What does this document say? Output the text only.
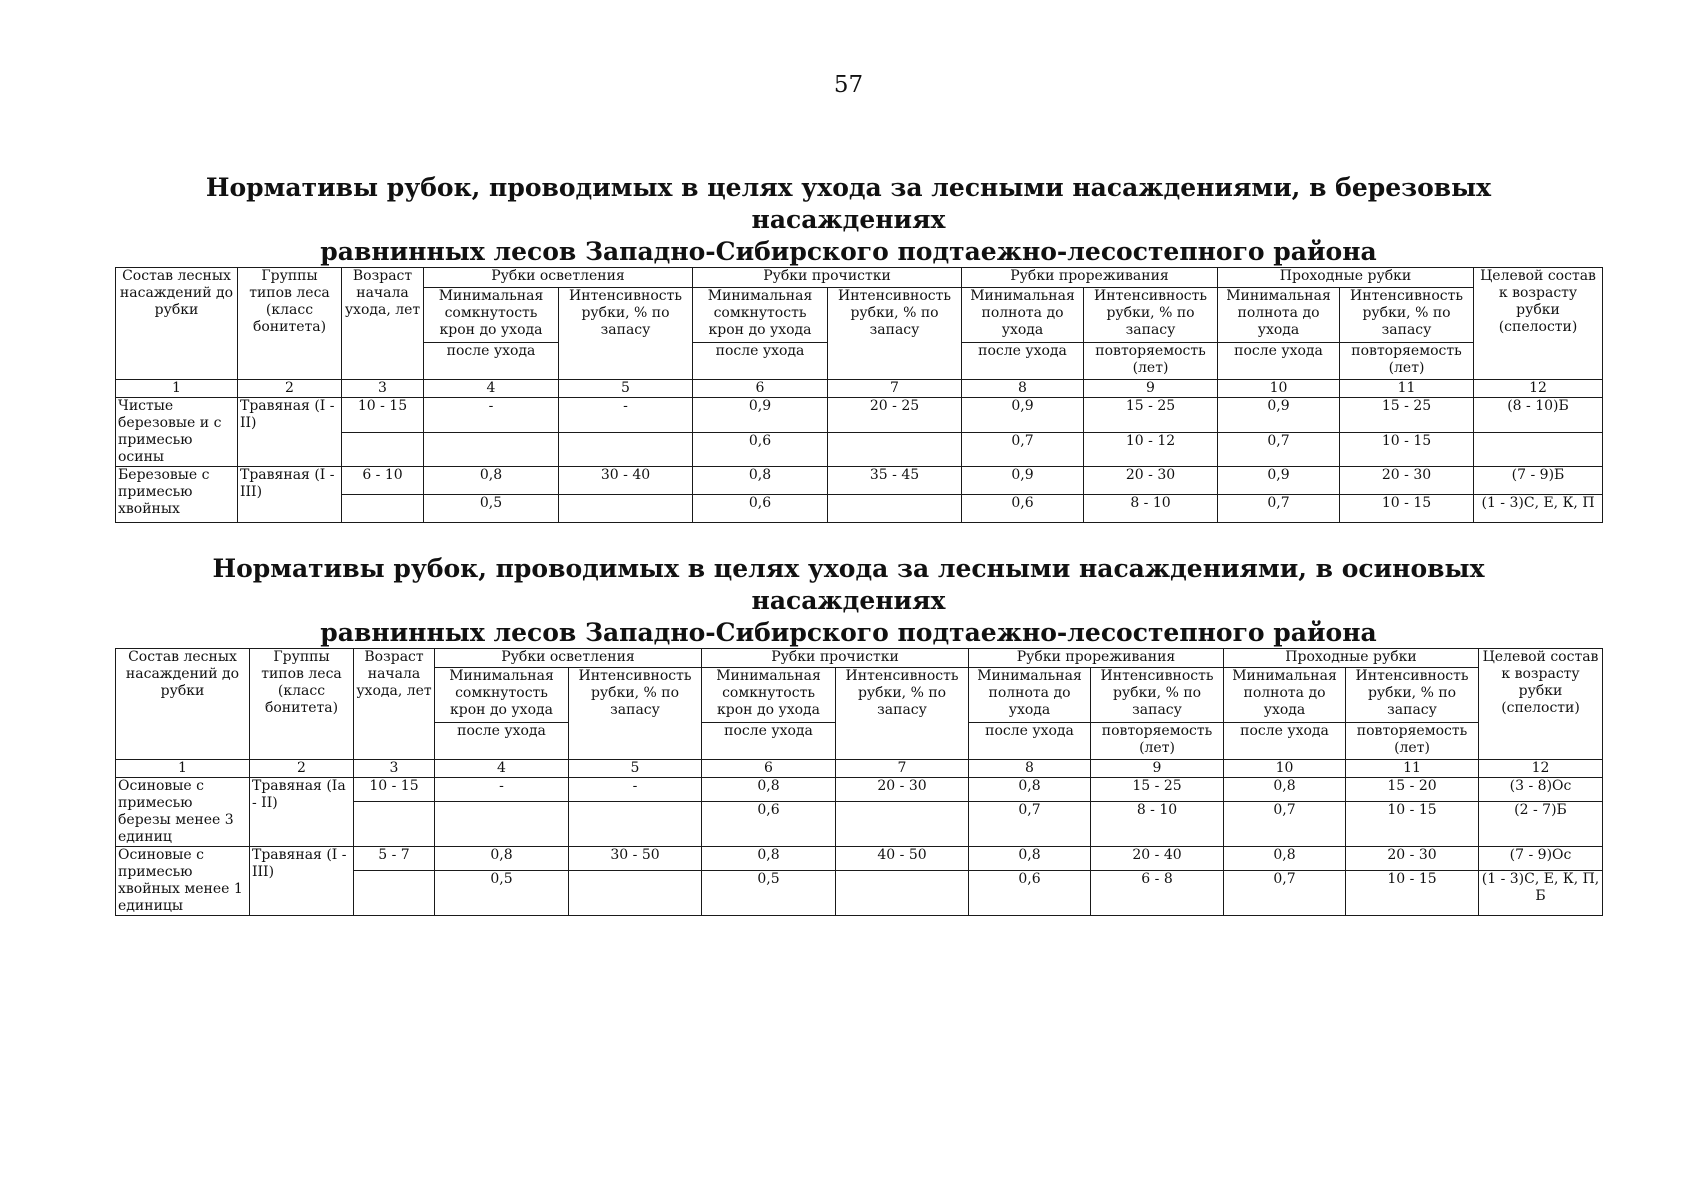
57
Нормативы рубок, проводимых в целях ухода за лесными насаждениями, в березовых насаждениях
равнинных лесов Западно-Сибирского подтаежно-лесостепного района
Состав лесных насаждений до рубки	Группы типов леса (класс бонитета)	Возраст начала ухода, лет	Рубки осветления		Рубки прочистки		Рубки прореживания		Проходные рубки		Целевой состав к возрасту рубки (спелости)
			Минимальная сомкнутость крон до ухода	Интенсивность рубки, % по запасу	Минимальная сомкнутость крон до ухода	Интенсивность рубки, % по запасу	Минимальная полнота до ухода	Интенсивность рубки, % по запасу	Минимальная полнота до ухода	Интенсивность рубки, % по запасу	
			после ухода		после ухода		после ухода	повторяемость (лет)	после ухода	повторяемость (лет)	
1	2	3	4	5	6	7	8	9	10	11	12
Чистые березовые и с примесью осины	Травяная (I - II)	10 - 15	-	-	0,9	20 - 25	0,9	15 - 25	0,9	15 - 25	(8 - 10)Б
					0,6		0,7	10 - 12	0,7	10 - 15	
Березовые с примесью хвойных	Травяная (I - III)	6 - 10	0,8	30 - 40	0,8	35 - 45	0,9	20 - 30	0,9	20 - 30	(7 - 9)Б
			0,5		0,6		0,6	8 - 10	0,7	10 - 15	(1 - 3)С, Е, К, П
Нормативы рубок, проводимых в целях ухода за лесными насаждениями, в осиновых насаждениях
равнинных лесов Западно-Сибирского подтаежно-лесостепного района
Состав лесных насаждений до рубки	Группы типов леса (класс бонитета)	Возраст начала ухода, лет	Рубки осветления		Рубки прочистки		Рубки прореживания		Проходные рубки		Целевой состав к возрасту рубки (спелости)
			Минимальная сомкнутость крон до ухода	Интенсивность рубки, % по запасу	Минимальная сомкнутость крон до ухода	Интенсивность рубки, % по запасу	Минимальная полнота до ухода	Интенсивность рубки, % по запасу	Минимальная полнота до ухода	Интенсивность рубки, % по запасу	
			после ухода		после ухода		после ухода	повторяемость (лет)	после ухода	повторяемость (лет)	
1	2	3	4	5	6	7	8	9	10	11	12
Осиновые с примесью березы менее 3 единиц	Травяная (Ia - II)	10 - 15	-	-	0,8	20 - 30	0,8	15 - 25	0,8	15 - 20	(3 - 8)Ос
					0,6		0,7	8 - 10	0,7	10 - 15	(2 - 7)Б
Осиновые с примесью хвойных менее 1 единицы	Травяная (I - III)	5 - 7	0,8	30 - 50	0,8	40 - 50	0,8	20 - 40	0,8	20 - 30	(7 - 9)Ос
			0,5		0,5		0,6	6 - 8	0,7	10 - 15	(1 - 3)С, Е, К, П, Б
